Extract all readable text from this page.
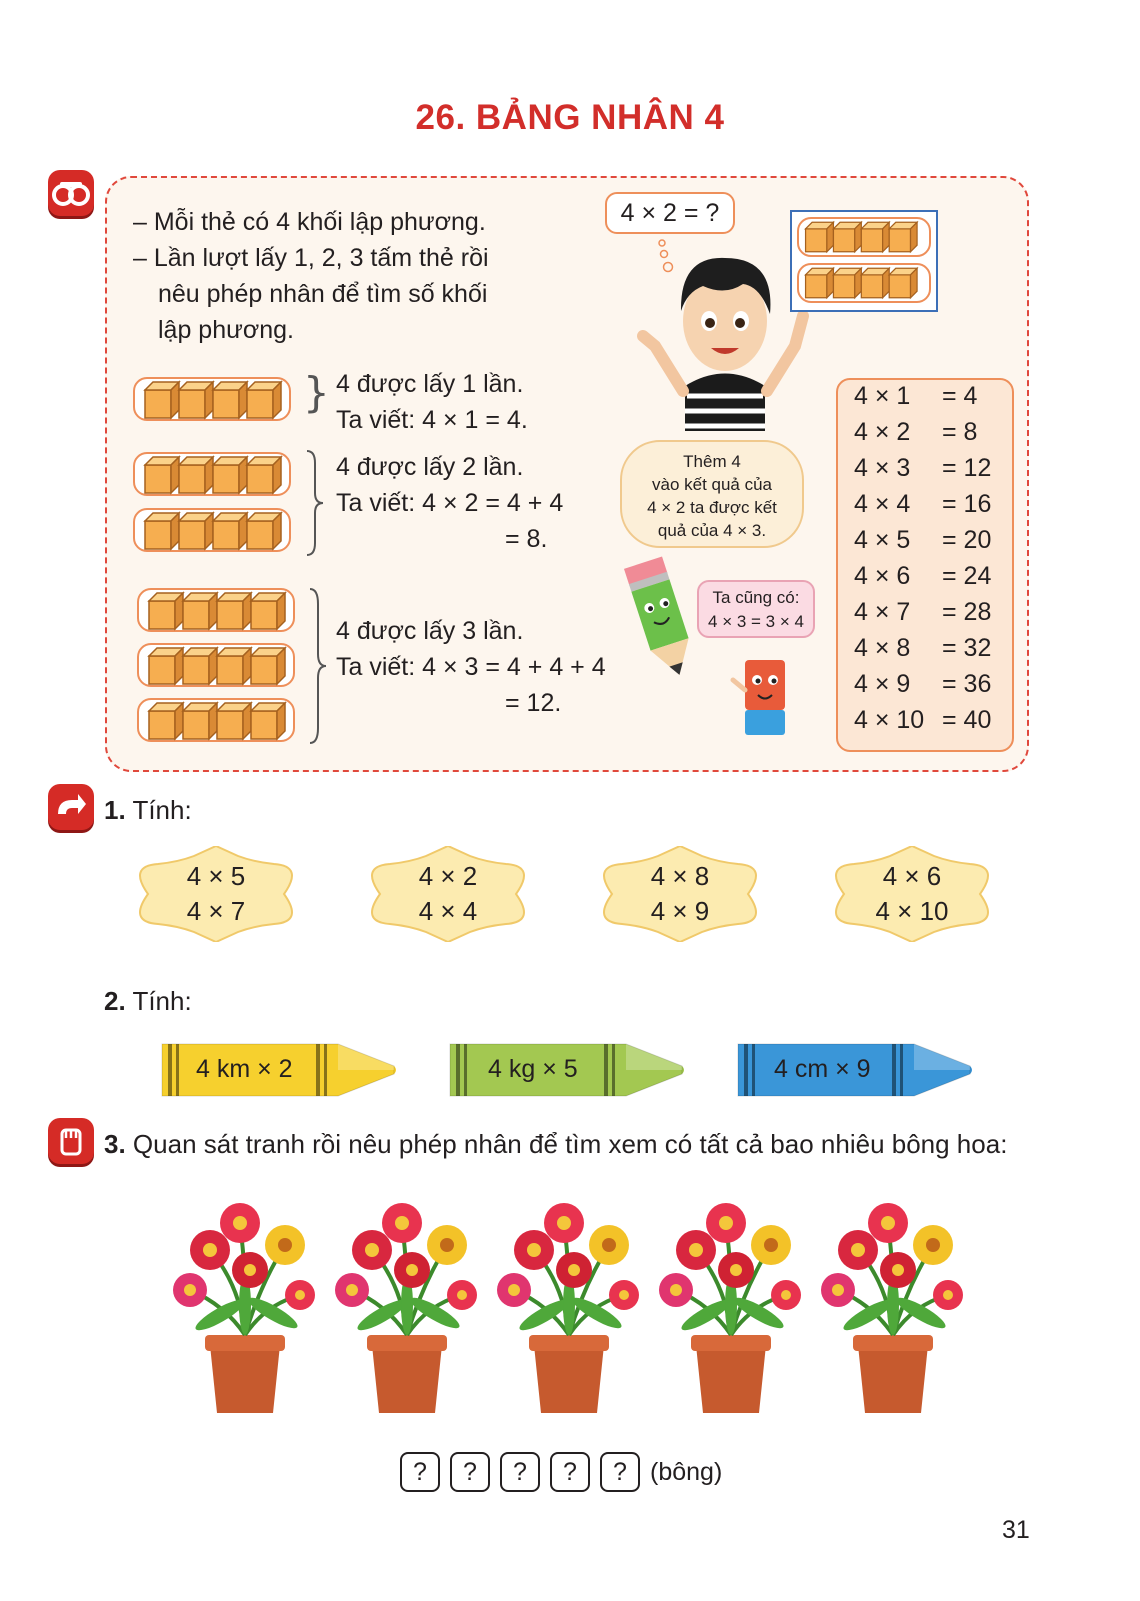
26. BẢNG NHÂN 4
– Mỗi thẻ có 4 khối lập phương.
– Lần lượt lấy 1, 2, 3 tấm thẻ rồi
nêu phép nhân để tìm số khối
lập phương.
} 4 được lấy 1 lần.
Ta viết: 4 × 1 = 4.
4 được lấy 2 lần.
Ta viết: 4 × 2 = 4 + 4
= 8.
4 được lấy 3 lần.
Ta viết: 4 × 3 = 4 + 4 + 4
= 12.
4 × 2 = ?
Thêm 4
vào kết quả của
4 × 2 ta được kết
quả của 4 × 3.
Ta cũng có:
4 × 3 = 3 × 4
4 × 1 = 4
4 × 2 = 8
4 × 3 = 12
4 × 4 = 16
4 × 5 = 20
4 × 6 = 24
4 × 7 = 28
4 × 8 = 32
4 × 9 = 36
4 × 10 = 40
1. Tính:
4 × 5
4 × 7
4 × 2
4 × 4
4 × 8
4 × 9
4 × 6
4 × 10
2. Tính:
4 km × 2	4 kg × 5	4 cm × 9
3. Quan sát tranh rồi nêu phép nhân để tìm xem có tất cả bao nhiêu bông hoa:
?	?	?	?	? (bông)
31
